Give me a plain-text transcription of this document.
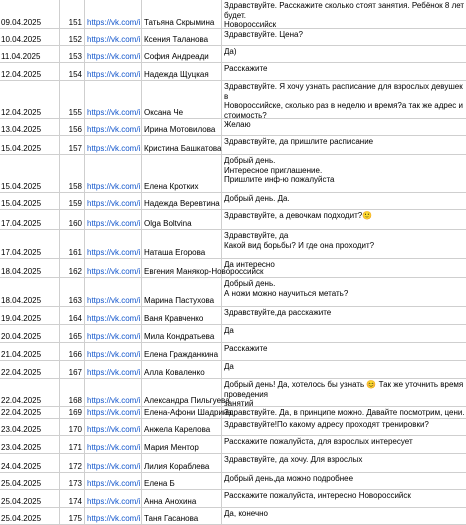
09.04.2025	151 https://vk.com/i Татьяна Скрымина
Здравствуйте. Расскажите сколько стоят занятия. Ребёнок 8 лет будет.
Новороссийск
10.04.2025	152 https://vk.com/i Ксения Таланова
Здравствуйте. Цена?
11.04.2025	153 https://vk.com/i София Андреади
Да)
12.04.2025	154 https://vk.com/i Надежда Щуцкая
Расскажите
12.04.2025	155 https://vk.com/i Оксана Че
Здравствуйте. Я хочу узнать расписание для взрослых девушек в
Новороссийске, сколько раз в неделю и время?а так же адрес и стоимость?
13.04.2025	156 https://vk.com/i Ирина Мотовилова
Желаю
15.04.2025	157 https://vk.com/i Кристина Башкатова
Здравствуйте, да пришлите расписание
15.04.2025	158 https://vk.com/i Елена Кротких
Добрый день.
Интересное приглашение.
Пришлите инф-ю пожалуйста
15.04.2025	159 https://vk.com/i Надежда Веревтина
Добрый день. Да.
17.04.2025	160 https://vk.com/i Olga Boltvina
Здравствуйте, а девочкам подходит?🙂
17.04.2025	161 https://vk.com/i Наташа Егорова
Здравствуйте, да
Какой вид борьбы? И где она проходит?
18.04.2025	162 https://vk.com/i Евгения Манякор-Новороссийск
Да интересно
18.04.2025	163 https://vk.com/i Марина Пастухова
Добрый день.
А ножи можно научиться метать?
19.04.2025	164 https://vk.com/i Ваня Кравченко
Здравствуйте,да расскажите
20.04.2025	165 https://vk.com/i Мила Кондратьева
Да
21.04.2025	166 https://vk.com/i Елена Гражданкина
Расскажите
22.04.2025	167 https://vk.com/i Алла Коваленко
Да
22.04.2025	168 https://vk.com/i Александра Пильгуева
Добрый день! Да, хотелось бы узнать 😊 Так же уточнить время проведения
занятий
22.04.2025	169 https://vk.com/i Елена-Афони Шадрина
Здравствуйте. Да, в принципе можно. Давайте посмотрим, цени.
23.04.2025	170 https://vk.com/i Анжела Карелова
Здравствуйте!По какому адресу проходят тренировки?
23.04.2025	171 https://vk.com/i Мария Ментор
Расскажите пожалуйста, для взрослых интересует
24.04.2025	172 https://vk.com/i Лилия Кораблева
Здравствуйте, да хочу. Для взрослых
25.04.2025	173 https://vk.com/i Елена Б
Добрый день,да можно подробнее
25.04.2025	174 https://vk.com/i Анна Анохина
Расскажите пожалуйста, интересно Новороссийск
25.04.2025	175 https://vk.com/i Таня Гасанова
Да, конечно
